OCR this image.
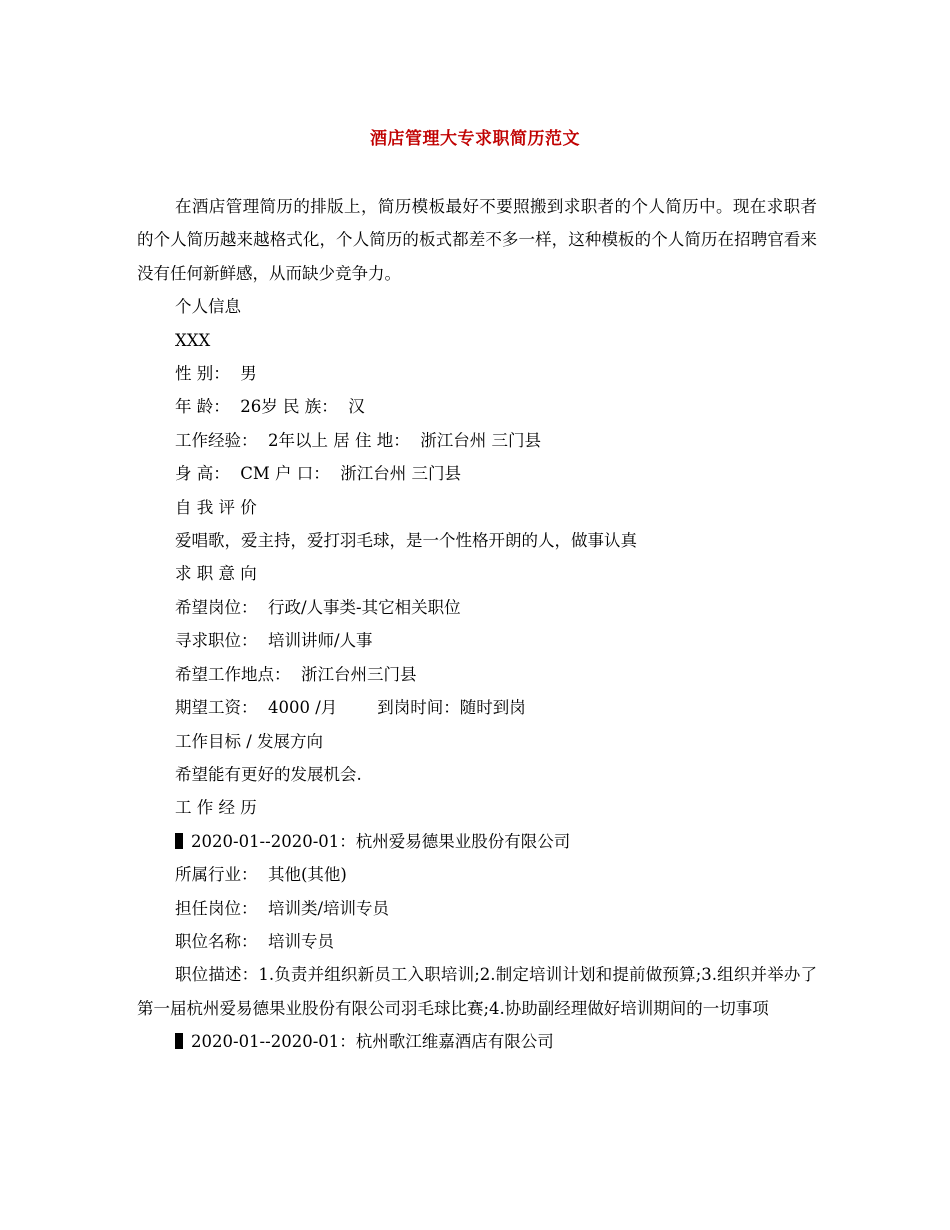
酒店管理大专求职简历范文

在酒店管理简历的排版上，简历模板最好不要照搬到求职者的个人简历中。现在求职者的个人简历越来越格式化，个人简历的板式都差不多一样，这种模板的个人简历在招聘官看来没有任何新鲜感，从而缺少竞争力。

个人信息

XXX

性 别：  男

年 龄：  26岁 民 族：  汉

工作经验：  2年以上 居 住 地：  浙江台州 三门县

身 高：  CM 户 口：  浙江台州 三门县

自 我 评 价

爱唱歌，爱主持，爱打羽毛球，是一个性格开朗的人，做事认真

求 职 意 向

希望岗位：  行政/人事类-其它相关职位

寻求职位：  培训讲师/人事

希望工作地点：  浙江台州三门县

期望工资：  4000 /月 到岗时间：随时到岗

工作目标 / 发展方向

希望能有更好的发展机会.

工 作 经 历

2020-01--2020-01：杭州爱易德果业股份有限公司

所属行业：  其他(其他)

担任岗位：  培训类/培训专员

职位名称：  培训专员

职位描述：1.负责并组织新员工入职培训;2.制定培训计划和提前做预算;3.组织并举办了第一届杭州爱易德果业股份有限公司羽毛球比赛;4.协助副经理做好培训期间的一切事项

2020-01--2020-01：杭州歌江维嘉酒店有限公司
